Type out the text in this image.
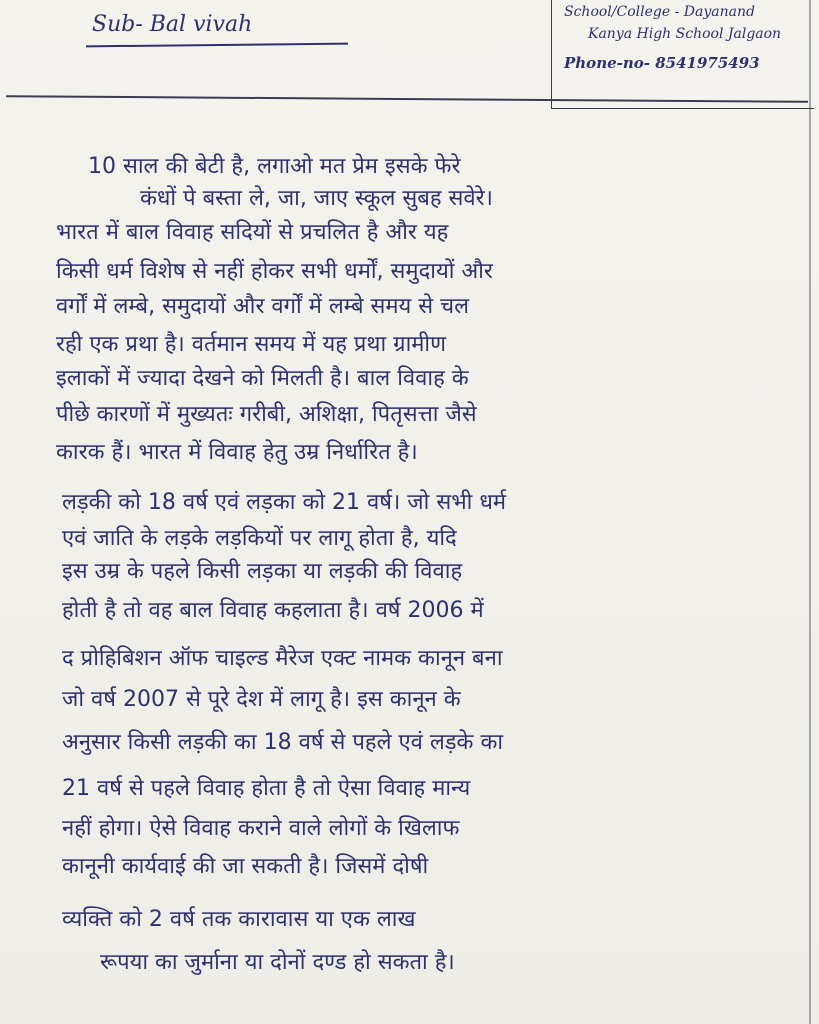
Sub- Bal vivah	School/College - Dayanand
Kanya High School Jalgaon
Phone-no- 8541975493
10 साल की बेटी है, लगाओ मत प्रेम इसके फेरे
कंधों पे बस्ता ले, जा, जाए स्कूल सुबह सवेरे।
भारत में बाल विवाह सदियों से प्रचलित है और यह
किसी धर्म विशेष से नहीं होकर सभी धर्मों, समुदायों और
वर्गों में लम्बे, समुदायों और वर्गों में लम्बे समय से चल
रही एक प्रथा है। वर्तमान समय में यह प्रथा ग्रामीण
इलाकों में ज्यादा देखने को मिलती है। बाल विवाह के
पीछे कारणों में मुख्यतः गरीबी, अशिक्षा, पितृसत्ता जैसे
कारक हैं। भारत में विवाह हेतु उम्र निर्धारित है।
लड़की को 18 वर्ष एवं लड़का को 21 वर्ष। जो सभी धर्म
एवं जाति के लड़के लड़कियों पर लागू होता है, यदि
इस उम्र के पहले किसी लड़का या लड़की की विवाह
होती है तो वह बाल विवाह कहलाता है। वर्ष 2006 में
द प्रोहिबिशन ऑफ चाइल्ड मैरेज एक्ट नामक कानून बना
जो वर्ष 2007 से पूरे देश में लागू है। इस कानून के
अनुसार किसी लड़की का 18 वर्ष से पहले एवं लड़के का
21 वर्ष से पहले विवाह होता है तो ऐसा विवाह मान्य
नहीं होगा। ऐसे विवाह कराने वाले लोगों के खिलाफ
कानूनी कार्यवाई की जा सकती है। जिसमें दोषी
व्यक्ति को 2 वर्ष तक कारावास या एक लाख
रूपया का जुर्माना या दोनों दण्ड हो सकता है।
